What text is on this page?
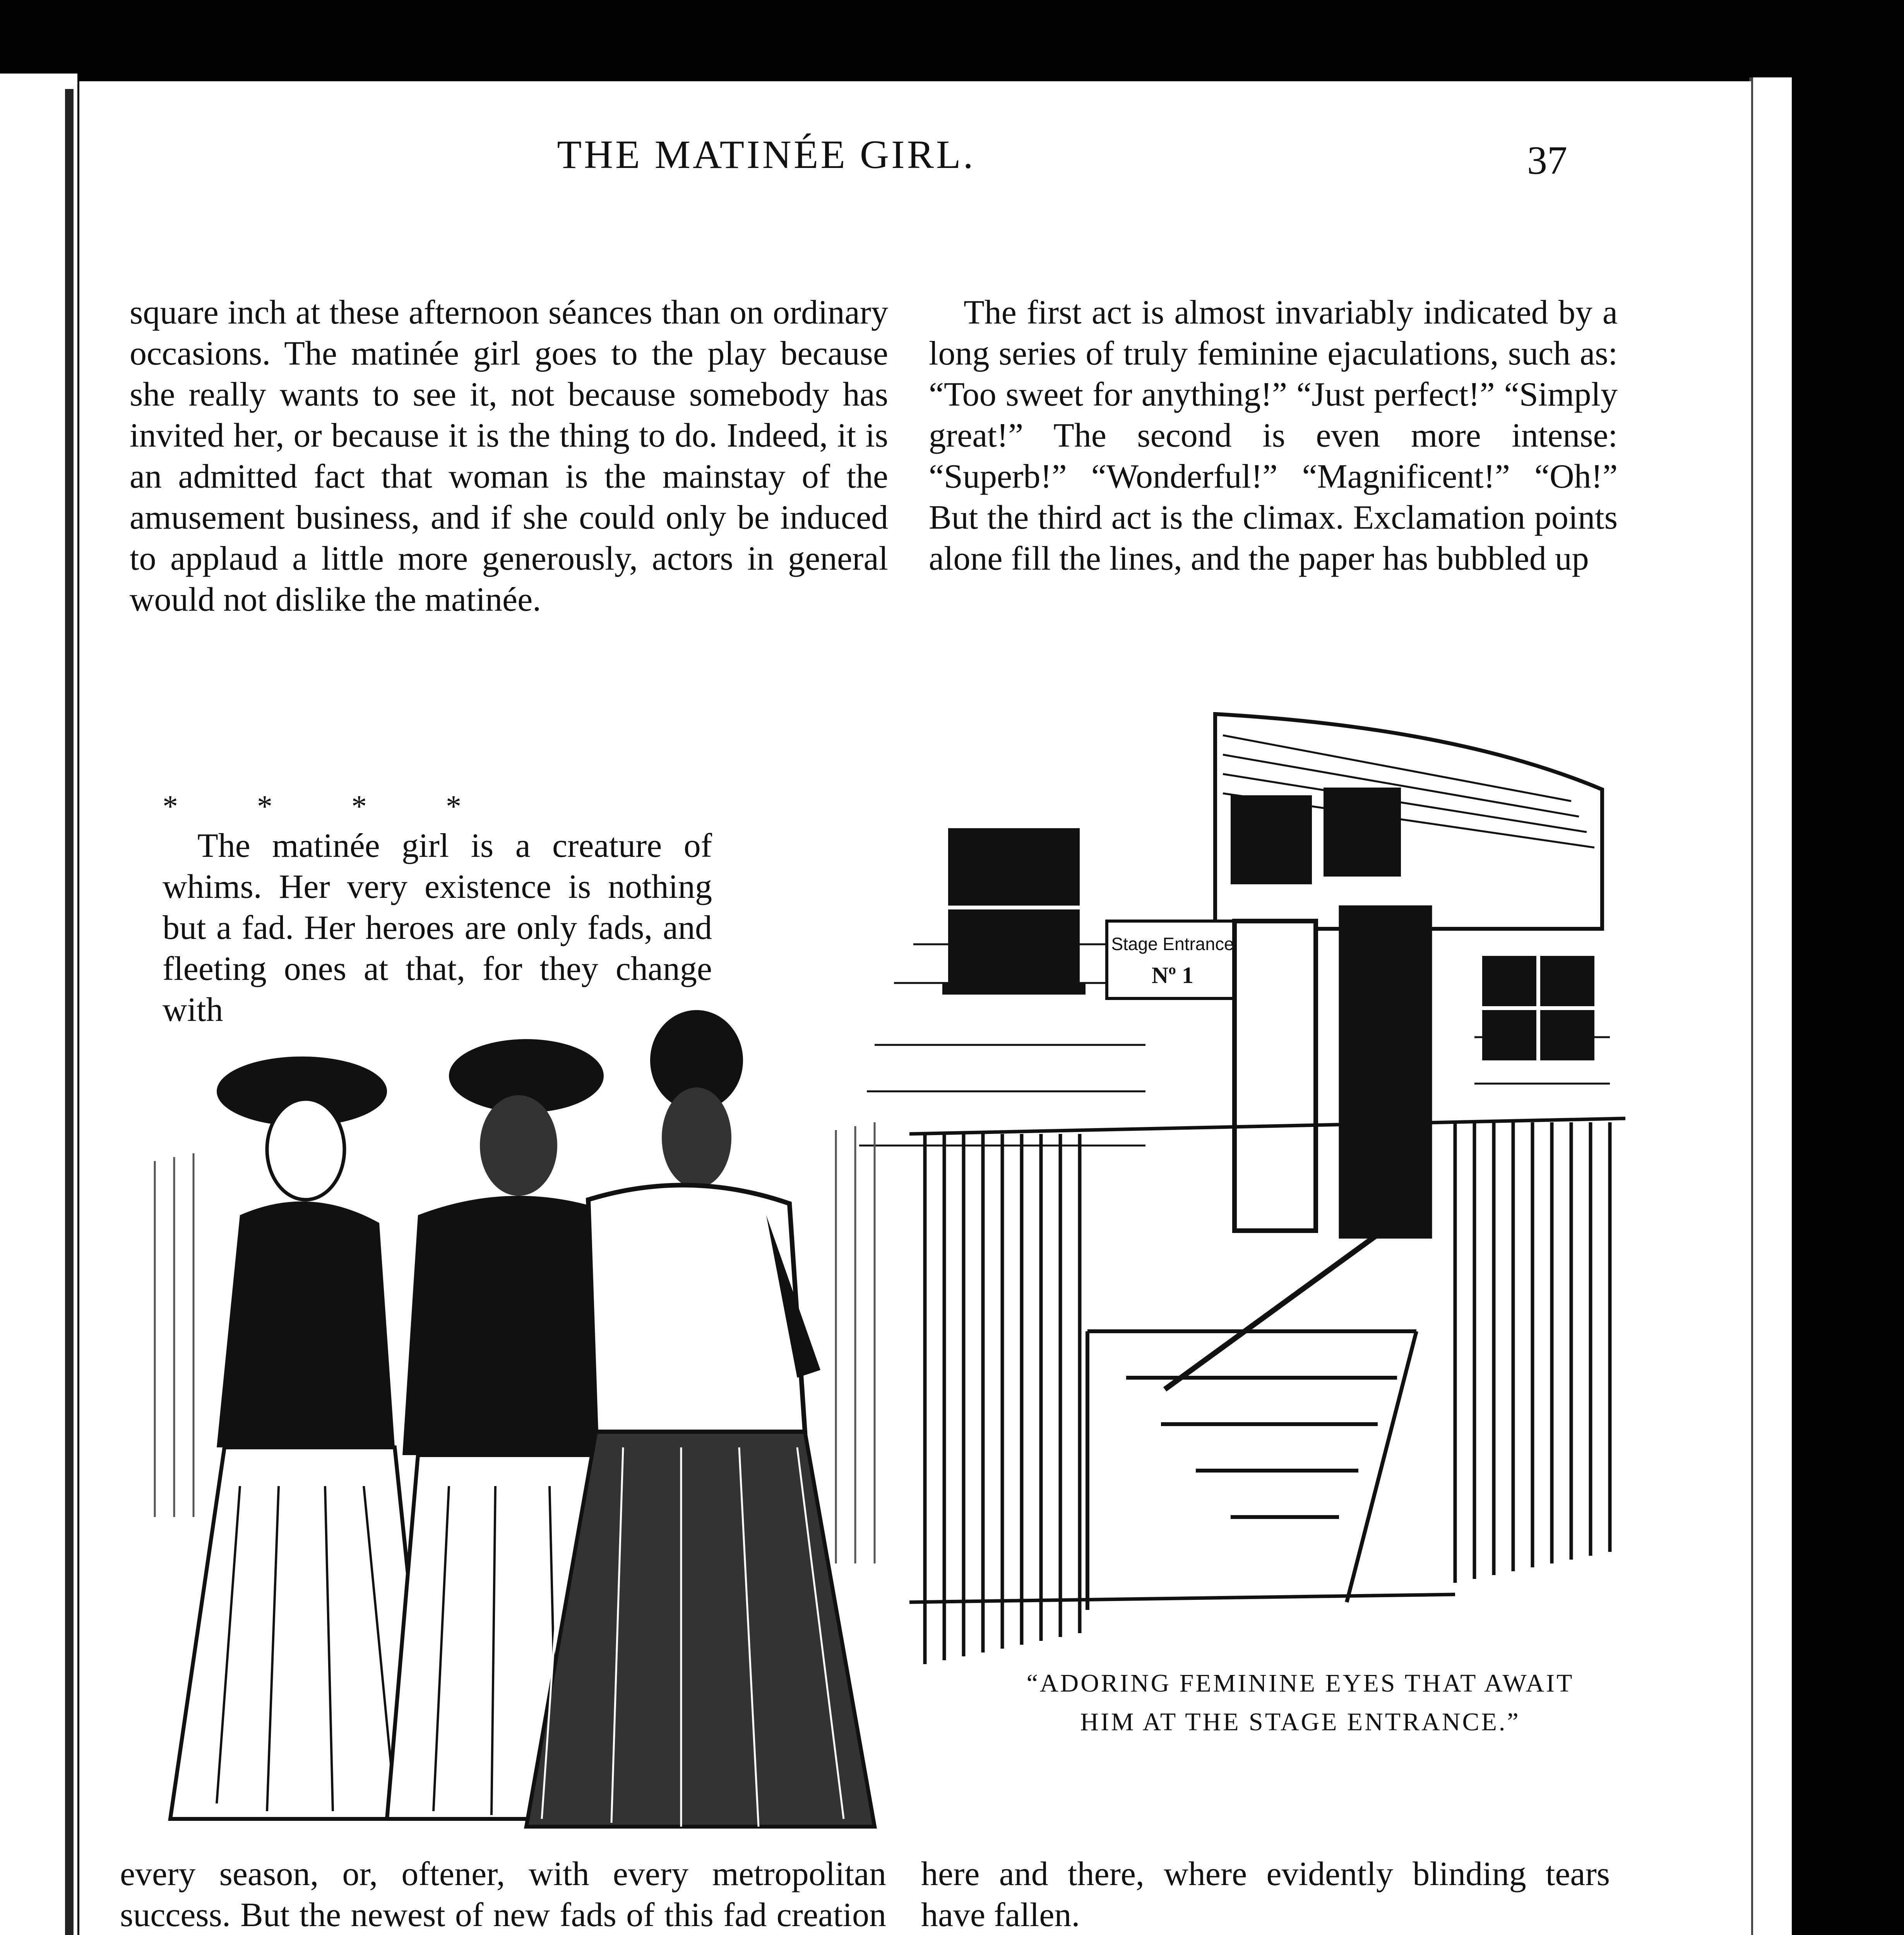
THE MATINÉE GIRL.	37

square inch at these afternoon séances than on ordinary occasions. The matinée girl goes to the play because she really wants to see it, not because somebody has invited her, or because it is the thing to do. Indeed, it is an admitted fact that woman is the mainstay of the amusement business, and if she could only be induced to applaud a little more generously, actors in general would not dislike the matinée.

* * * *

The matinée girl is a creature of whims. Her very existence is nothing but a fad. Her heroes are only fads, and fleeting ones at that, for they change with

The first act is almost invariably indicated by a long series of truly feminine ejaculations, such as: “Too sweet for anything!” “Just perfect!” “Simply great!” The second is even more intense: “Superb!” “Wonderful!” “Magnificent!” “Oh!” But the third act is the climax. Exclamation points alone fill the lines, and the paper has bubbled up

Stage Entrance
Nº 1
“ADORING FEMININE EYES THAT AWAIT
HIM AT THE STAGE ENTRANCE.”

every season, or, oftener, with every metropolitan success. But the newest of new fads of this fad creation

here and there, where evidently blinding tears have fallen.
